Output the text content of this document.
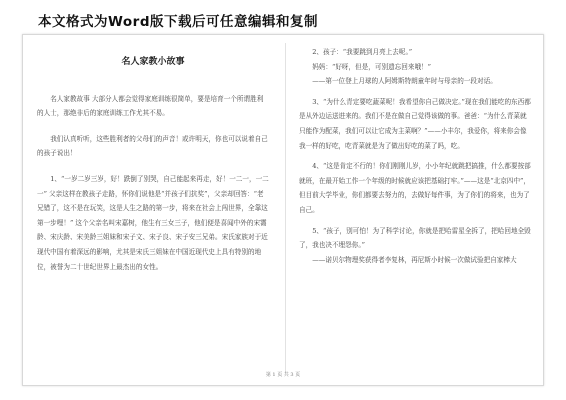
本文格式为Word版下载后可任意编辑和复制

名人家教小故事

名人家教故事 大部分人都会觉得家庭训练很简单，要是培育一个所谓胜利的人士，那绝非后的家庭训练工作尤其不易。

我们认真听听，这些胜利者的父母们的声音！或许明天，你也可以说着自己的孩子说出！

1、“一岁二岁三岁，好！跌倒了别哭，自己能起来再走，好！一二一，一二一” 父亲这样在教孩子走路，怀你们说他是“并孩子们抗奖”，父亲却回答：“老兄错了，这不是在玩笑，这是人生之路的第一步，将来在社会上闯世界，全靠这第一步哩！” 这个父亲名叫宋嘉树，他生有三女三子，他们便是喜闻中外的宋霭龄、宋庆龄、宋美龄三姐妹和宋子文、宋子良、宋子安三兄弟。宋氏家族对于近现代中国有着深远的影响，尤其是宋氏三姐妹在中国近现代史上具有特别的地位，被誉为二十世纪世界上最杰出的女性。

2、孩子：“我要跳到月亮上去呢。”

妈妈：“好呀，但是，可别遗忘回来哦！”

——第一位登上月球的人阿姆斯特朗童年时与母亲的一段对话。

3、“为什么青定要吃蔬菜呢！我希望你自己做决定。”现在我们能吃的东西都是从外边运送进来的。我们不是在做自己觉得该做的事。爸爸：“为什么青菜就只能作为配菜，我们可以让它成为主菜啊？”——小丰尔，我爱你，将来你会像我一样的好吃，吃青菜就是为了做出好吃的菜了吗，吃。

4、“这是肯定不行的！你们刚刚儿岁，小小年纪就跳把搞推，什么都要按部就班，在最开始工作一个年级的时候就应该把基础打牢。”——这是“北京四中”，但目前大学毕业，你们都要去努力的，去做好每件事，为了你们的将来，也为了自己。

5、“孩子，别可怕！为了科学讨论，你就是把哈雷星全拆了，把哈回地全毁了，我也决不埋怨你。”

——诺贝尔物理奖获得者李复林，再尼斯小时候一次做试验把自家棒大

第 1 页 共 3 页
